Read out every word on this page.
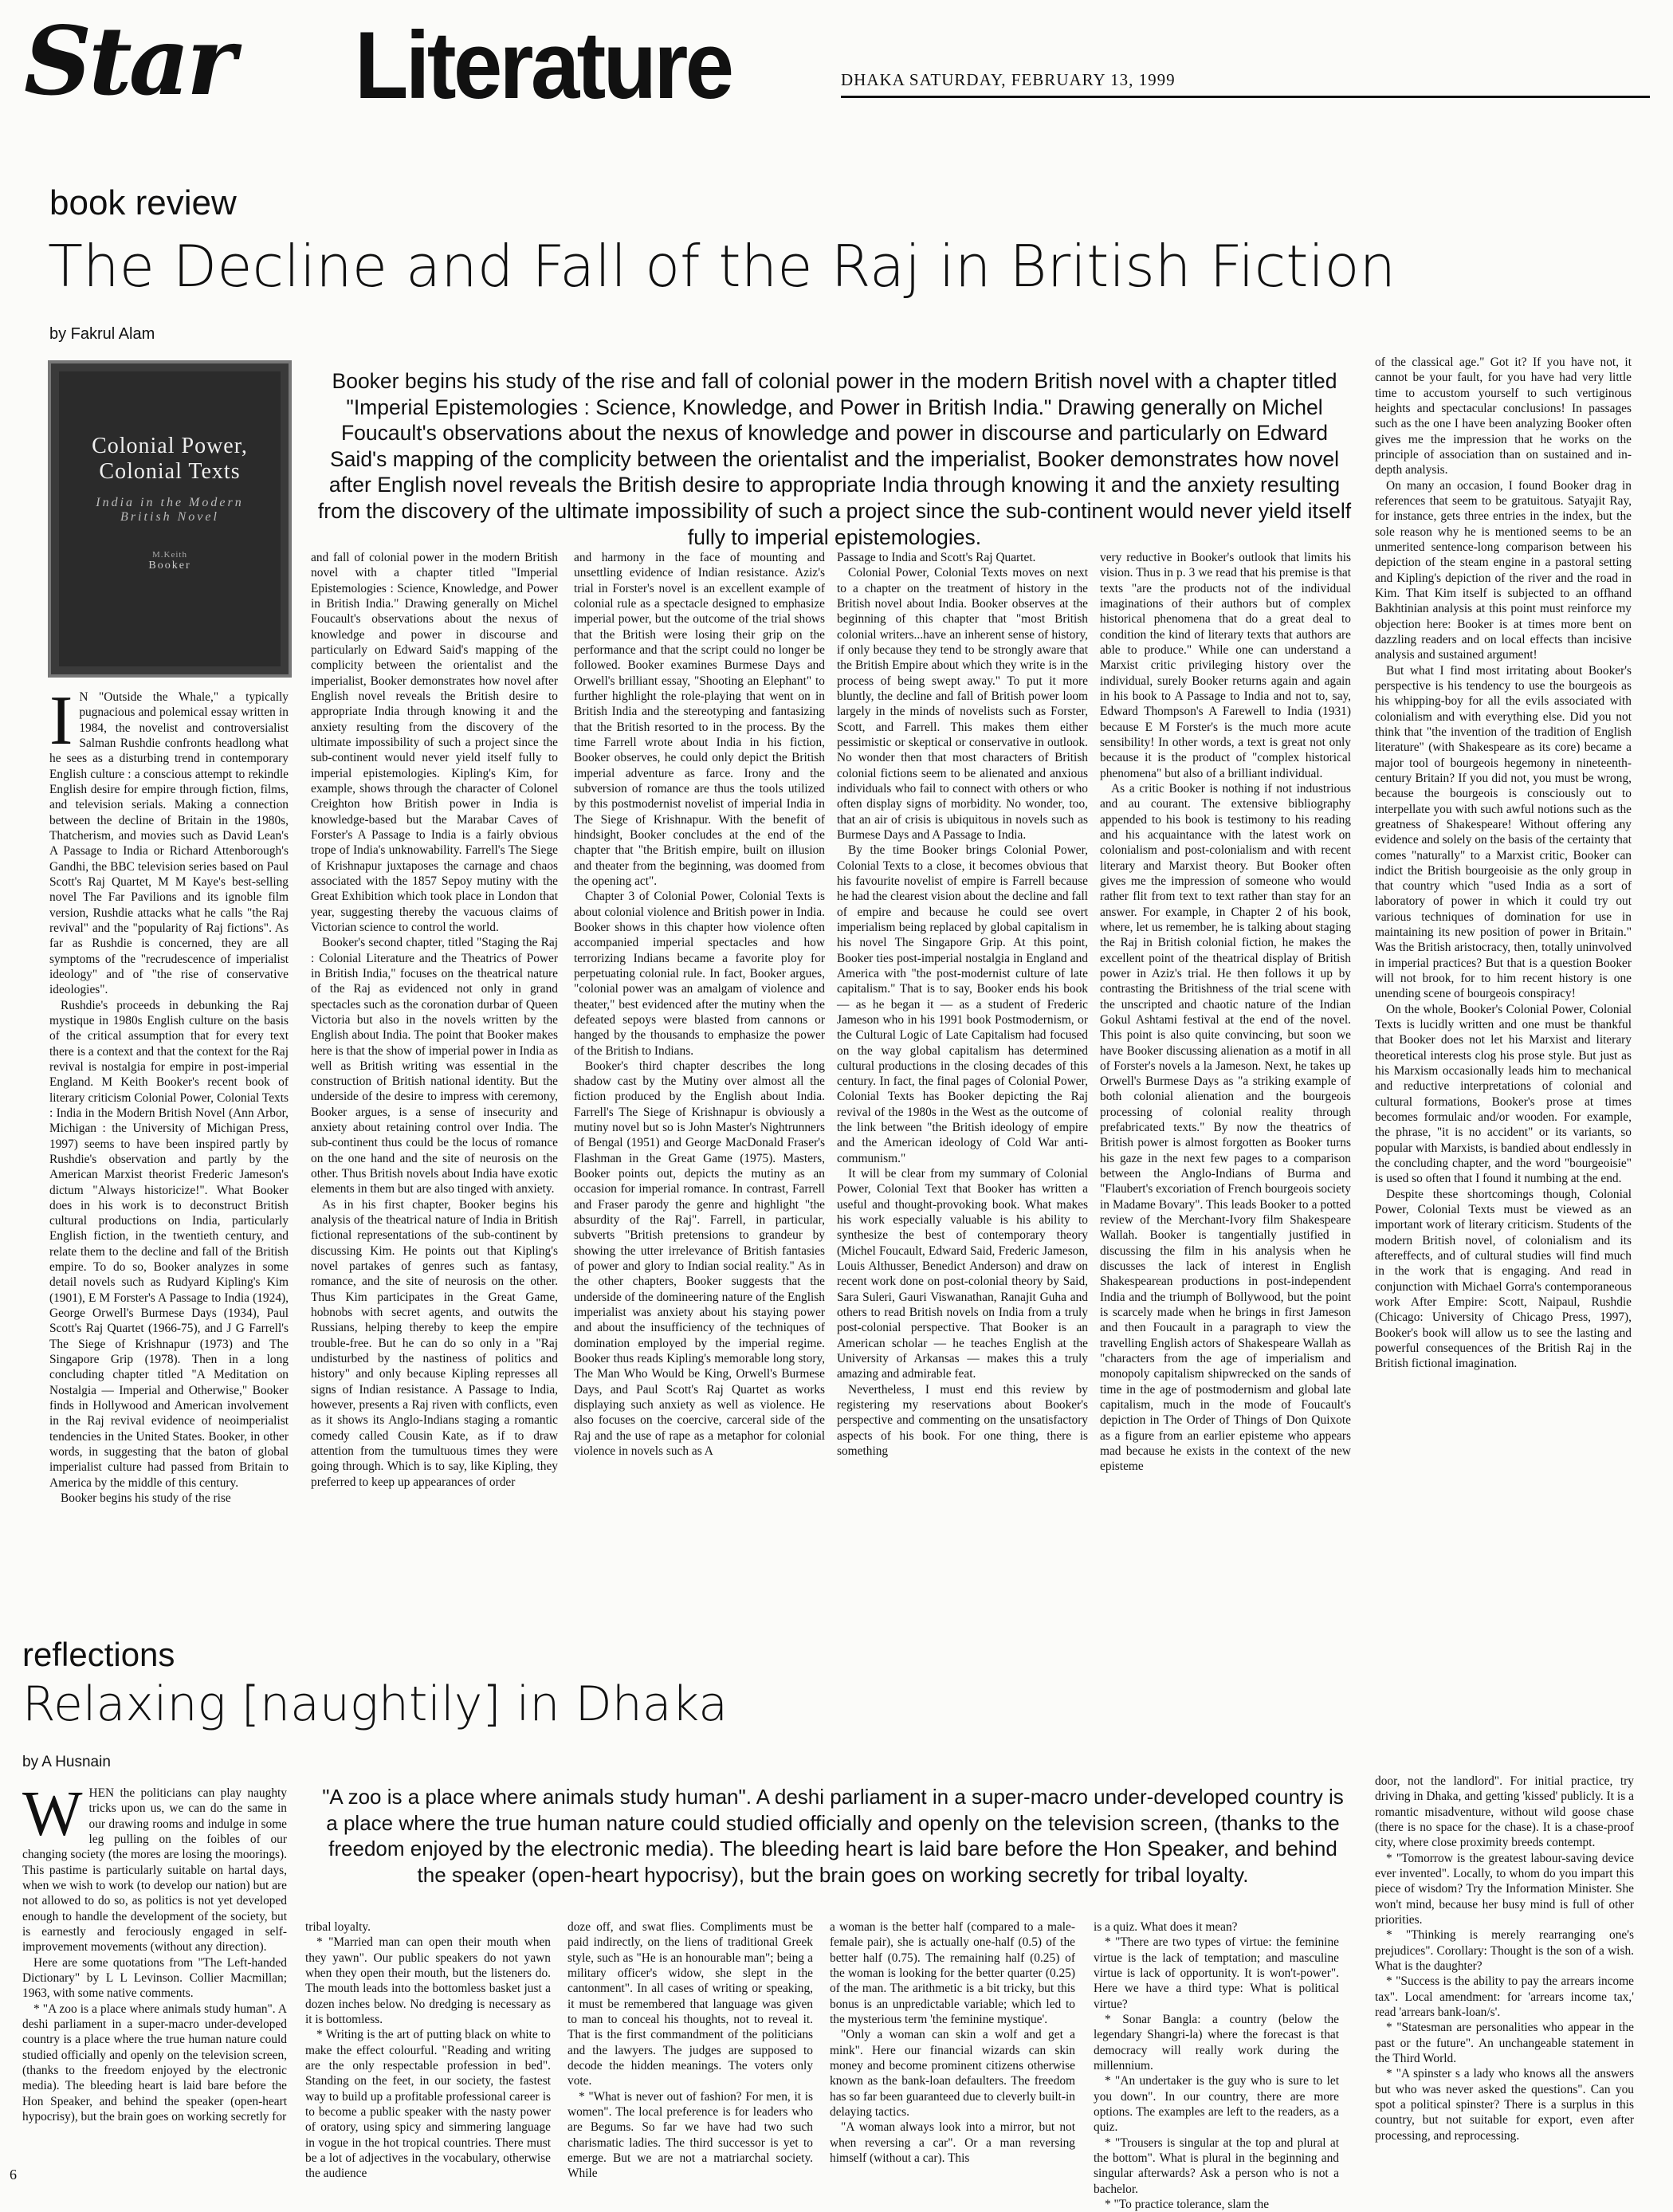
Star Literature	DHAKA SATURDAY, FEBRUARY 13, 1999
book review
The Decline and Fall of the Raj in British Fiction
by Fakrul Alam
Colonial Power,
Colonial Texts
India in the Modern
British Novel
M.Keith
Booker
Booker begins his study of the rise and fall of colonial power in the modern British novel with a chapter titled "Imperial Epistemologies : Science, Knowledge, and Power in British India." Drawing generally on Michel Foucault's observations about the nexus of knowledge and power in discourse and particularly on Edward Said's mapping of the complicity between the orientalist and the imperialist, Booker demonstrates how novel after English novel reveals the British desire to appropriate India through knowing it and the anxiety resulting from the discovery of the ultimate impossibility of such a project since the sub-continent would never yield itself fully to imperial epistemologies.

I N "Outside the Whale," a typically pugnacious and polemical essay written in 1984, the novelist and controversialist Salman Rushdie confronts headlong what he sees as a disturbing trend in contemporary English culture : a conscious attempt to rekindle English desire for empire through fiction, films, and television serials. Making a connection between the decline of Britain in the 1980s, Thatcherism, and movies such as David Lean's A Passage to India or Richard Attenborough's Gandhi, the BBC television series based on Paul Scott's Raj Quartet, M M Kaye's best-selling novel The Far Pavilions and its ignoble film version, Rushdie attacks what he calls "the Raj revival" and the "popularity of Raj fictions". As far as Rushdie is concerned, they are all symptoms of the "recrudescence of imperialist ideology" and of "the rise of conservative ideologies".

Rushdie's proceeds in debunking the Raj mystique in 1980s English culture on the basis of the critical assumption that for every text there is a context and that the context for the Raj revival is nostalgia for empire in post-imperial England. M Keith Booker's recent book of literary criticism Colonial Power, Colonial Texts : India in the Modern British Novel (Ann Arbor, Michigan : the University of Michigan Press, 1997) seems to have been inspired partly by Rushdie's observation and partly by the American Marxist theorist Frederic Jameson's dictum "Always historicize!". What Booker does in his work is to deconstruct British cultural productions on India, particularly English fiction, in the twentieth century, and relate them to the decline and fall of the British empire. To do so, Booker analyzes in some detail novels such as Rudyard Kipling's Kim (1901), E M Forster's A Passage to India (1924), George Orwell's Burmese Days (1934), Paul Scott's Raj Quartet (1966-75), and J G Farrell's The Siege of Krishnapur (1973) and The Singapore Grip (1978). Then in a long concluding chapter titled "A Meditation on Nostalgia — Imperial and Otherwise," Booker finds in Hollywood and American involvement in the Raj revival evidence of neoimperialist tendencies in the United States. Booker, in other words, in suggesting that the baton of global imperialist culture had passed from Britain to America by the middle of this century.

Booker begins his study of the rise

and fall of colonial power in the modern British novel with a chapter titled "Imperial Epistemologies : Science, Knowledge, and Power in British India." Drawing generally on Michel Foucault's observations about the nexus of knowledge and power in discourse and particularly on Edward Said's mapping of the complicity between the orientalist and the imperialist, Booker demonstrates how novel after English novel reveals the British desire to appropriate India through knowing it and the anxiety resulting from the discovery of the ultimate impossibility of such a project since the sub-continent would never yield itself fully to imperial epistemologies. Kipling's Kim, for example, shows through the character of Colonel Creighton how British power in India is knowledge-based but the Marabar Caves of Forster's A Passage to India is a fairly obvious trope of India's unknowability. Farrell's The Siege of Krishnapur juxtaposes the carnage and chaos associated with the 1857 Sepoy mutiny with the Great Exhibition which took place in London that year, suggesting thereby the vacuous claims of Victorian science to control the world.

Booker's second chapter, titled "Staging the Raj : Colonial Literature and the Theatrics of Power in British India," focuses on the theatrical nature of the Raj as evidenced not only in grand spectacles such as the coronation durbar of Queen Victoria but also in the novels written by the English about India. The point that Booker makes here is that the show of imperial power in India as well as British writing was essential in the construction of British national identity. But the underside of the desire to impress with ceremony, Booker argues, is a sense of insecurity and anxiety about retaining control over India. The sub-continent thus could be the locus of romance on the one hand and the site of neurosis on the other. Thus British novels about India have exotic elements in them but are also tinged with anxiety.

As in his first chapter, Booker begins his analysis of the theatrical nature of India in British fictional representations of the sub-continent by discussing Kim. He points out that Kipling's novel partakes of genres such as fantasy, romance, and the site of neurosis on the other. Thus Kim participates in the Great Game, hobnobs with secret agents, and outwits the Russians, helping thereby to keep the empire trouble-free. But he can do so only in a "Raj undisturbed by the nastiness of politics and history" and only because Kipling represses all signs of Indian resistance. A Passage to India, however, presents a Raj riven with conflicts, even as it shows its Anglo-Indians staging a romantic comedy called Cousin Kate, as if to draw attention from the tumultuous times they were going through. Which is to say, like Kipling, they preferred to keep up appearances of order

and harmony in the face of mounting and unsettling evidence of Indian resistance. Aziz's trial in Forster's novel is an excellent example of colonial rule as a spectacle designed to emphasize imperial power, but the outcome of the trial shows that the British were losing their grip on the performance and that the script could no longer be followed. Booker examines Burmese Days and Orwell's brilliant essay, "Shooting an Elephant" to further highlight the role-playing that went on in British India and the stereotyping and fantasizing that the British resorted to in the process. By the time Farrell wrote about India in his fiction, Booker observes, he could only depict the British imperial adventure as farce. Irony and the subversion of romance are thus the tools utilized by this postmodernist novelist of imperial India in The Siege of Krishnapur. With the benefit of hindsight, Booker concludes at the end of the chapter that "the British empire, built on illusion and theater from the beginning, was doomed from the opening act".

Chapter 3 of Colonial Power, Colonial Texts is about colonial violence and British power in India. Booker shows in this chapter how violence often accompanied imperial spectacles and how terrorizing Indians became a favorite ploy for perpetuating colonial rule. In fact, Booker argues, "colonial power was an amalgam of violence and theater," best evidenced after the mutiny when the defeated sepoys were blasted from cannons or hanged by the thousands to emphasize the power of the British to Indians.

Booker's third chapter describes the long shadow cast by the Mutiny over almost all the fiction produced by the English about India. Farrell's The Siege of Krishnapur is obviously a mutiny novel but so is John Master's Nightrunners of Bengal (1951) and George MacDonald Fraser's Flashman in the Great Game (1975). Masters, Booker points out, depicts the mutiny as an occasion for imperial romance. In contrast, Farrell and Fraser parody the genre and highlight "the absurdity of the Raj". Farrell, in particular, subverts "British pretensions to grandeur by showing the utter irrelevance of British fantasies of power and glory to Indian social reality." As in the other chapters, Booker suggests that the underside of the domineering nature of the English imperialist was anxiety about his staying power and about the insufficiency of the techniques of domination employed by the imperial regime. Booker thus reads Kipling's memorable long story, The Man Who Would be King, Orwell's Burmese Days, and Paul Scott's Raj Quartet as works displaying such anxiety as well as violence. He also focuses on the coercive, carceral side of the Raj and the use of rape as a metaphor for colonial violence in novels such as A

Passage to India and Scott's Raj Quartet.

Colonial Power, Colonial Texts moves on next to a chapter on the treatment of history in the British novel about India. Booker observes at the beginning of this chapter that "most British colonial writers...have an inherent sense of history, if only because they tend to be strongly aware that the British Empire about which they write is in the process of being swept away." To put it more bluntly, the decline and fall of British power loom largely in the minds of novelists such as Forster, Scott, and Farrell. This makes them either pessimistic or skeptical or conservative in outlook. No wonder then that most characters of British colonial fictions seem to be alienated and anxious individuals who fail to connect with others or who often display signs of morbidity. No wonder, too, that an air of crisis is ubiquitous in novels such as Burmese Days and A Passage to India.

By the time Booker brings Colonial Power, Colonial Texts to a close, it becomes obvious that his favourite novelist of empire is Farrell because he had the clearest vision about the decline and fall of empire and because he could see overt imperialism being replaced by global capitalism in his novel The Singapore Grip. At this point, Booker ties post-imperial nostalgia in England and America with "the post-modernist culture of late capitalism." That is to say, Booker ends his book — as he began it — as a student of Frederic Jameson who in his 1991 book Postmodernism, or the Cultural Logic of Late Capitalism had focused on the way global capitalism has determined cultural productions in the closing decades of this century. In fact, the final pages of Colonial Power, Colonial Texts has Booker depicting the Raj revival of the 1980s in the West as the outcome of the link between "the British ideology of empire and the American ideology of Cold War anti-communism."

It will be clear from my summary of Colonial Power, Colonial Text that Booker has written a useful and thought-provoking book. What makes his work especially valuable is his ability to synthesize the best of contemporary theory (Michel Foucault, Edward Said, Frederic Jameson, Louis Althusser, Benedict Anderson) and draw on recent work done on post-colonial theory by Said, Sara Suleri, Gauri Viswanathan, Ranajit Guha and others to read British novels on India from a truly post-colonial perspective. That Booker is an American scholar — he teaches English at the University of Arkansas — makes this a truly amazing and admirable feat.

Nevertheless, I must end this review by registering my reservations about Booker's perspective and commenting on the unsatisfactory aspects of his book. For one thing, there is something

very reductive in Booker's outlook that limits his vision. Thus in p. 3 we read that his premise is that texts "are the products not of the individual imaginations of their authors but of complex historical phenomena that do a great deal to condition the kind of literary texts that authors are able to produce." While one can understand a Marxist critic privileging history over the individual, surely Booker returns again and again in his book to A Passage to India and not to, say, Edward Thompson's A Farewell to India (1931) because E M Forster's is the much more acute sensibility! In other words, a text is great not only because it is the product of "complex historical phenomena" but also of a brilliant individual.

As a critic Booker is nothing if not industrious and au courant. The extensive bibliography appended to his book is testimony to his reading and his acquaintance with the latest work on colonialism and post-colonialism and with recent literary and Marxist theory. But Booker often gives me the impression of someone who would rather flit from text to text rather than stay for an answer. For example, in Chapter 2 of his book, where, let us remember, he is talking about staging the Raj in British colonial fiction, he makes the excellent point of the theatrical display of British power in Aziz's trial. He then follows it up by contrasting the Britishness of the trial scene with the unscripted and chaotic nature of the Indian Gokul Ashtami festival at the end of the novel. This point is also quite convincing, but soon we have Booker discussing alienation as a motif in all of Forster's novels a la Jameson. Next, he takes up Orwell's Burmese Days as "a striking example of both colonial alienation and the bourgeois processing of colonial reality through prefabricated texts." By now the theatrics of British power is almost forgotten as Booker turns his gaze in the next few pages to a comparison between the Anglo-Indians of Burma and "Flaubert's excoriation of French bourgeois society in Madame Bovary". This leads Booker to a potted review of the Merchant-Ivory film Shakespeare Wallah. Booker is tangentially justified in discussing the film in his analysis when he discusses the lack of interest in English Shakespearean productions in post-independent India and the triumph of Bollywood, but the point is scarcely made when he brings in first Jameson and then Foucault in a paragraph to view the travelling English actors of Shakespeare Wallah as "characters from the age of imperialism and monopoly capitalism shipwrecked on the sands of time in the age of postmodernism and global late capitalism, much in the mode of Foucault's depiction in The Order of Things of Don Quixote as a figure from an earlier episteme who appears mad because he exists in the context of the new episteme

of the classical age." Got it? If you have not, it cannot be your fault, for you have had very little time to accustom yourself to such vertiginous heights and spectacular conclusions! In passages such as the one I have been analyzing Booker often gives me the impression that he works on the principle of association than on sustained and in-depth analysis.

On many an occasion, I found Booker drag in references that seem to be gratuitous. Satyajit Ray, for instance, gets three entries in the index, but the sole reason why he is mentioned seems to be an unmerited sentence-long comparison between his depiction of the steam engine in a pastoral setting and Kipling's depiction of the river and the road in Kim. That Kim itself is subjected to an offhand Bakhtinian analysis at this point must reinforce my objection here: Booker is at times more bent on dazzling readers and on local effects than incisive analysis and sustained argument!

But what I find most irritating about Booker's perspective is his tendency to use the bourgeois as his whipping-boy for all the evils associated with colonialism and with everything else. Did you not think that "the invention of the tradition of English literature" (with Shakespeare as its core) became a major tool of bourgeois hegemony in nineteenth-century Britain? If you did not, you must be wrong, because the bourgeois is consciously out to interpellate you with such awful notions such as the greatness of Shakespeare! Without offering any evidence and solely on the basis of the certainty that comes "naturally" to a Marxist critic, Booker can indict the British bourgeoisie as the only group in that country which "used India as a sort of laboratory of power in which it could try out various techniques of domination for use in maintaining its new position of power in Britain." Was the British aristocracy, then, totally uninvolved in imperial practices? But that is a question Booker will not brook, for to him recent history is one unending scene of bourgeois conspiracy!

On the whole, Booker's Colonial Power, Colonial Texts is lucidly written and one must be thankful that Booker does not let his Marxist and literary theoretical interests clog his prose style. But just as his Marxism occasionally leads him to mechanical and reductive interpretations of colonial and cultural formations, Booker's prose at times becomes formulaic and/or wooden. For example, the phrase, "it is no accident" or its variants, so popular with Marxists, is bandied about endlessly in the concluding chapter, and the word "bourgeoisie" is used so often that I found it numbing at the end.

Despite these shortcomings though, Colonial Power, Colonial Texts must be viewed as an important work of literary criticism. Students of the modern British novel, of colonialism and its aftereffects, and of cultural studies will find much in the work that is engaging. And read in conjunction with Michael Gorra's contemporaneous work After Empire: Scott, Naipaul, Rushdie (Chicago: University of Chicago Press, 1997), Booker's book will allow us to see the lasting and powerful consequences of the British Raj in the British fictional imagination.

reflections
Relaxing [naughtily] in Dhaka
by A Husnain
"A zoo is a place where animals study human". A deshi parliament in a super-macro under-developed country is a place where the true human nature could studied officially and openly on the television screen, (thanks to the freedom enjoyed by the electronic media). The bleeding heart is laid bare before the Hon Speaker, and behind the speaker (open-heart hypocrisy), but the brain goes on working secretly for tribal loyalty.

WHEN the politicians can play naughty tricks upon us, we can do the same in our drawing rooms and indulge in some leg pulling on the foibles of our changing society (the mores are losing the moorings). This pastime is particularly suitable on hartal days, when we wish to work (to develop our nation) but are not allowed to do so, as politics is not yet developed enough to handle the development of the society, but is earnestly and ferociously engaged in self-improvement movements (without any direction).

Here are some quotations from "The Left-handed Dictionary" by L L Levinson. Collier Macmillan; 1963, with some native comments.

* "A zoo is a place where animals study human". A deshi parliament in a super-macro under-developed country is a place where the true human nature could studied officially and openly on the television screen, (thanks to the freedom enjoyed by the electronic media). The bleeding heart is laid bare before the Hon Speaker, and behind the speaker (open-heart hypocrisy), but the brain goes on working secretly for

tribal loyalty.

* "Married man can open their mouth when they yawn". Our public speakers do not yawn when they open their mouth, but the listeners do. The mouth leads into the bottomless basket just a dozen inches below. No dredging is necessary as it is bottomless.

* Writing is the art of putting black on white to make the effect colourful. "Reading and writing are the only respectable profession in bed". Standing on the feet, in our society, the fastest way to build up a profitable professional career is to become a public speaker with the nasty power of oratory, using spicy and simmering language in vogue in the hot tropical countries. There must be a lot of adjectives in the vocabulary, otherwise the audience

doze off, and swat flies. Compliments must be paid indirectly, on the liens of traditional Greek style, such as "He is an honourable man"; being a military officer's widow, she slept in the cantonment". In all cases of writing or speaking, it must be remembered that language was given to man to conceal his thoughts, not to reveal it. That is the first commandment of the politicians and the lawyers. The judges are supposed to decode the hidden meanings. The voters only vote.

* "What is never out of fashion? For men, it is women". The local preference is for leaders who are Begums. So far we have had two such charismatic ladies. The third successor is yet to emerge. But we are not a matriarchal society. While

a woman is the better half (compared to a male-female pair), she is actually one-half (0.5) of the better half (0.75). The remaining half (0.25) of the woman is looking for the better quarter (0.25) of the man. The arithmetic is a bit tricky, but this bonus is an unpredictable variable; which led to the mysterious term 'the feminine mystique'.

"Only a woman can skin a wolf and get a mink". Here our financial wizards can skin money and become prominent citizens otherwise known as the bank-loan defaulters. The freedom has so far been guaranteed due to cleverly built-in delaying tactics.

"A woman always look into a mirror, but not when reversing a car". Or a man reversing himself (without a car). This

is a quiz. What does it mean?

* "There are two types of virtue: the feminine virtue is the lack of temptation; and masculine virtue is lack of opportunity. It is won't-power". Here we have a third type: What is political virtue?

* Sonar Bangla: a country (below the legendary Shangri-la) where the forecast is that democracy will really work during the millennium.

* "An undertaker is the guy who is sure to let you down". In our country, there are more options. The examples are left to the readers, as a quiz.

* "Trousers is singular at the top and plural at the bottom". What is plural in the beginning and singular afterwards? Ask a person who is not a bachelor.

* "To practice tolerance, slam the

door, not the landlord". For initial practice, try driving in Dhaka, and getting 'kissed' publicly. It is a romantic misadventure, without wild goose chase (there is no space for the chase). It is a chase-proof city, where close proximity breeds contempt.

* "Tomorrow is the greatest labour-saving device ever invented". Locally, to whom do you impart this piece of wisdom? Try the Information Minister. She won't mind, because her busy mind is full of other priorities.

* "Thinking is merely rearranging one's prejudices". Corollary: Thought is the son of a wish. What is the daughter?

* "Success is the ability to pay the arrears income tax". Local amendment: for 'arrears income tax,' read 'arrears bank-loan/s'.

* "Statesman are personalities who appear in the past or the future". An unchangeable statement in the Third World.

* "A spinster s a lady who knows all the answers but who was never asked the questions". Can you spot a political spinster? There is a surplus in this country, but not suitable for export, even after processing, and reprocessing.

6
